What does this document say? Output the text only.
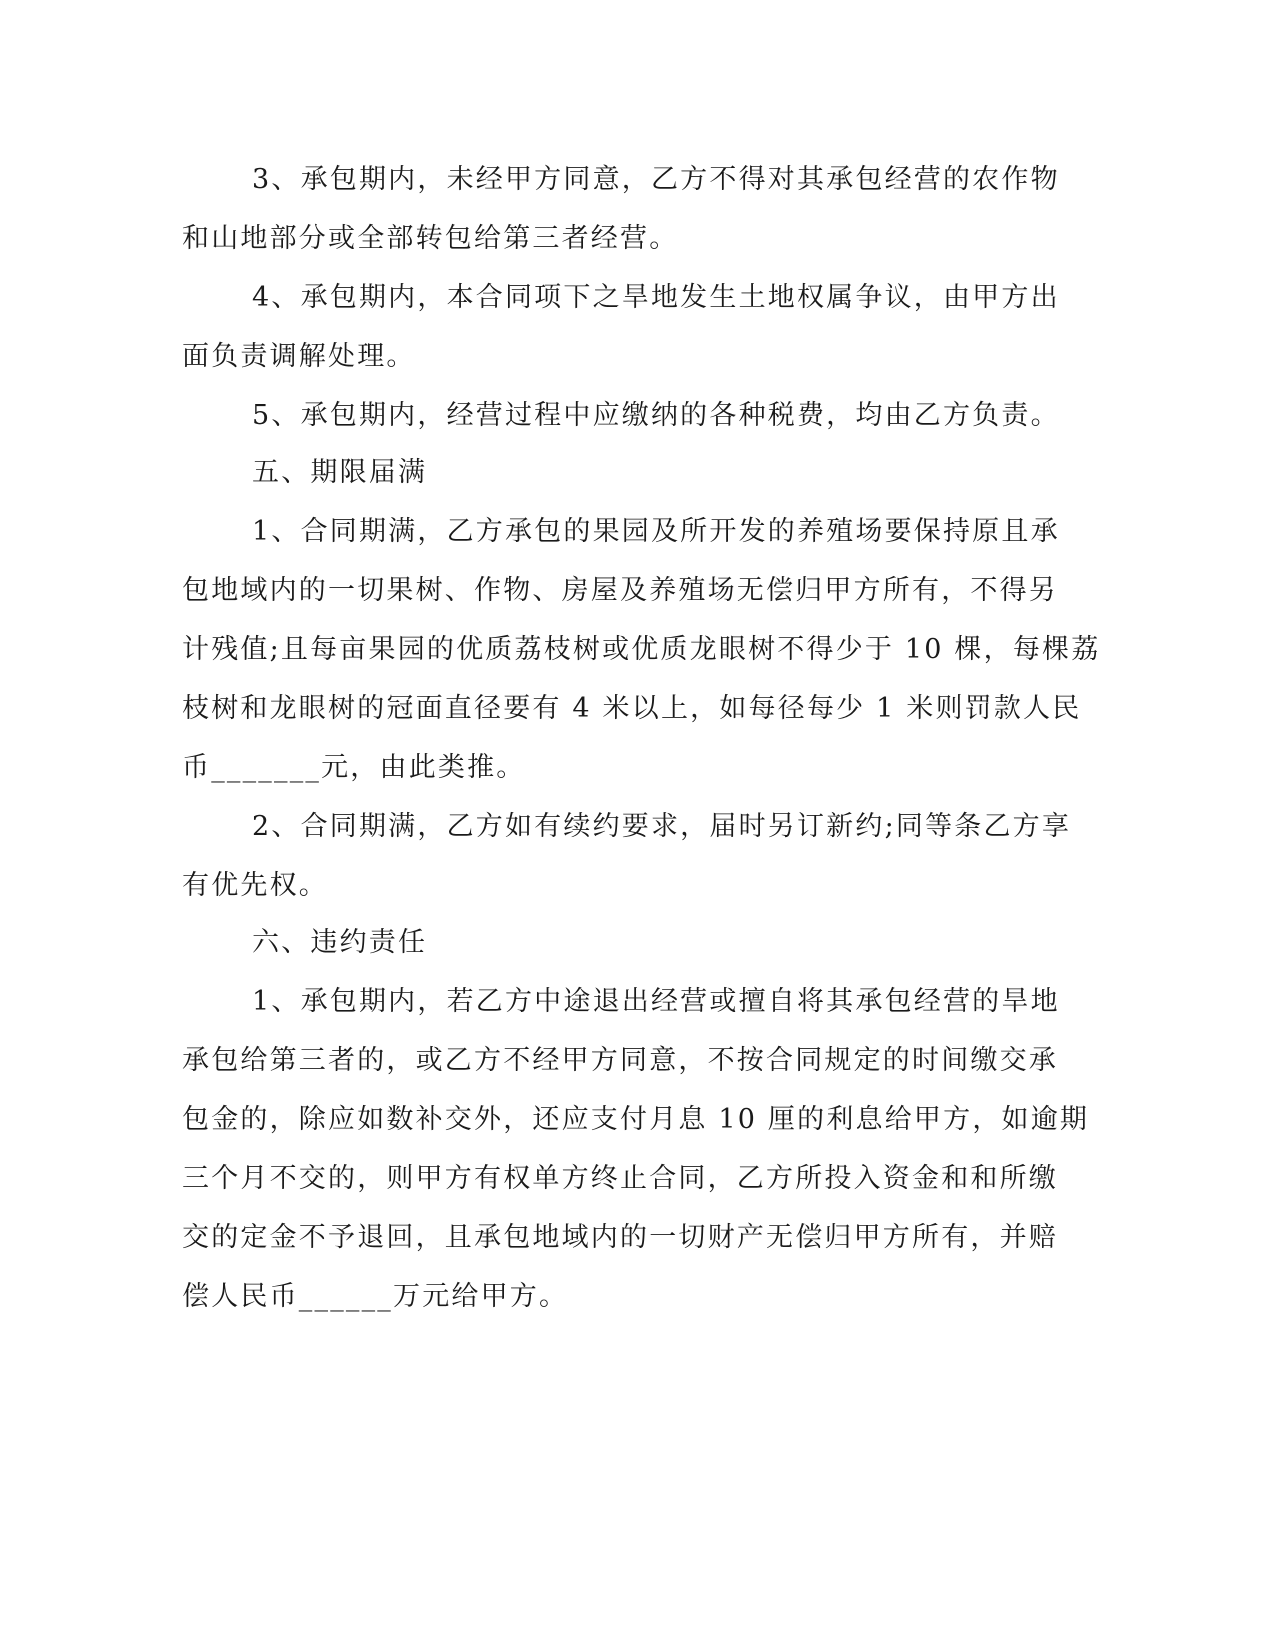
3、承包期内，未经甲方同意，乙方不得对其承包经营的农作物
和山地部分或全部转包给第三者经营。
4、承包期内，本合同项下之旱地发生土地权属争议，由甲方出
面负责调解处理。
5、承包期内，经营过程中应缴纳的各种税费，均由乙方负责。
五、期限届满
1、合同期满，乙方承包的果园及所开发的养殖场要保持原且承
包地域内的一切果树、作物、房屋及养殖场无偿归甲方所有，不得另
计残值;且每亩果园的优质荔枝树或优质龙眼树不得少于 10 棵，每棵荔
枝树和龙眼树的冠面直径要有 4 米以上，如每径每少 1 米则罚款人民
币_______元，由此类推。
2、合同期满，乙方如有续约要求，届时另订新约;同等条乙方享
有优先权。
六、违约责任
1、承包期内，若乙方中途退出经营或擅自将其承包经营的旱地
承包给第三者的，或乙方不经甲方同意，不按合同规定的时间缴交承
包金的，除应如数补交外，还应支付月息 10 厘的利息给甲方，如逾期
三个月不交的，则甲方有权单方终止合同，乙方所投入资金和和所缴
交的定金不予退回，且承包地域内的一切财产无偿归甲方所有，并赔
偿人民币______万元给甲方。
